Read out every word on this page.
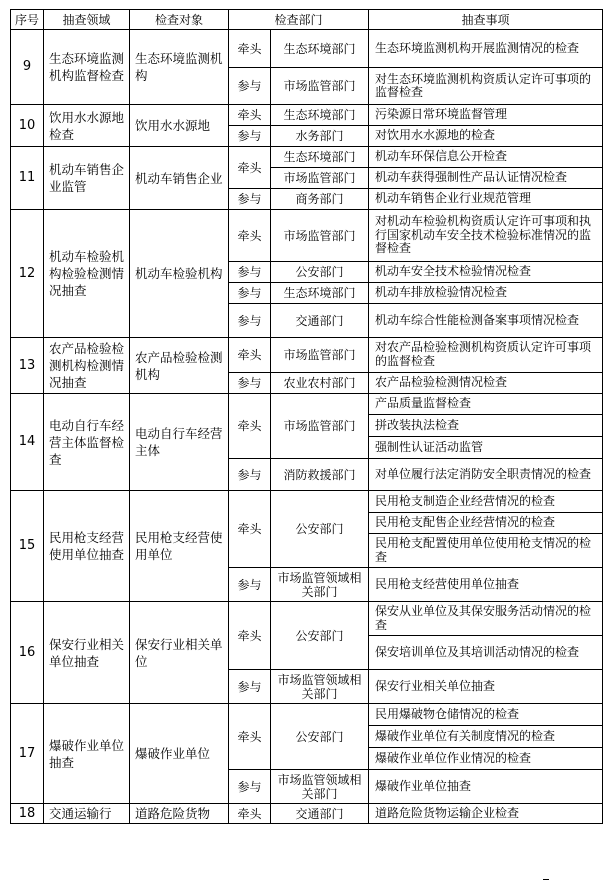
序号	抽查领域	检查对象	检查部门		抽查事项
9	生态环境监测机构监督检查	生态环境监测机构	牵头	生态环境部门	生态环境监测机构开展监测情况的检查
			参与	市场监管部门	对生态环境监测机构资质认定许可事项的监督检查
10	饮用水水源地检查	饮用水水源地	牵头	生态环境部门	污染源日常环境监督管理
			参与	水务部门	对饮用水水源地的检查
11	机动车销售企业监管	机动车销售企业	牵头	生态环境部门	机动车环保信息公开检查
				市场监管部门	机动车获得强制性产品认证情况检查
			参与	商务部门	机动车销售企业行业规范管理
12	机动车检验机构检验检测情况抽查	机动车检验机构	牵头	市场监管部门	对机动车检验机构资质认定许可事项和执行国家机动车安全技术检验标准情况的监督检查
			参与	公安部门	机动车安全技术检验情况检查
			参与	生态环境部门	机动车排放检验情况检查
			参与	交通部门	机动车综合性能检测备案事项情况检查
13	农产品检验检测机构检测情况抽查	农产品检验检测机构	牵头	市场监管部门	对农产品检验检测机构资质认定许可事项的监督检查
			参与	农业农村部门	农产品检验检测情况检查
14	电动自行车经营主体监督检查	电动自行车经营主体	牵头	市场监管部门	产品质量监督检查
					拼改装执法检查
					强制性认证活动监管
			参与	消防救援部门	对单位履行法定消防安全职责情况的检查
15	民用枪支经营使用单位抽查	民用枪支经营使用单位	牵头	公安部门	民用枪支制造企业经营情况的检查
					民用枪支配售企业经营情况的检查
					民用枪支配置使用单位使用枪支情况的检查
			参与	市场监管领域相关部门	民用枪支经营使用单位抽查
16	保安行业相关单位抽查	保安行业相关单位	牵头	公安部门	保安从业单位及其保安服务活动情况的检查
					保安培训单位及其培训活动情况的检查
			参与	市场监管领域相关部门	保安行业相关单位抽查
17	爆破作业单位抽查	爆破作业单位	牵头	公安部门	民用爆破物仓储情况的检查
					爆破作业单位有关制度情况的检查
					爆破作业单位作业情况的检查
			参与	市场监管领域相关部门	爆破作业单位抽查
18	交通运输行	道路危险货物	牵头	交通部门	道路危险货物运输企业检查
